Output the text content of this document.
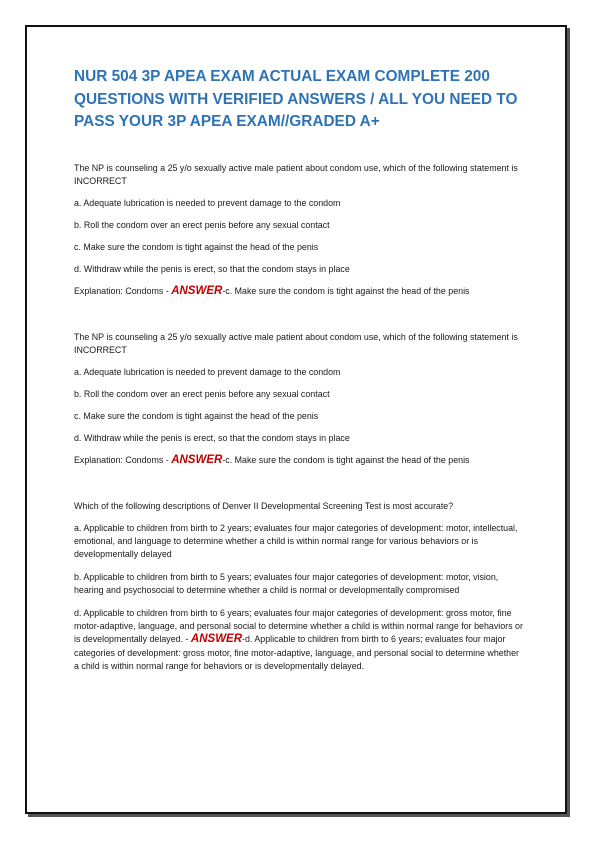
NUR 504 3P APEA EXAM ACTUAL EXAM COMPLETE 200 QUESTIONS WITH VERIFIED ANSWERS / ALL YOU NEED TO PASS YOUR 3P APEA EXAM//GRADED A+

The NP is counseling a 25 y/o sexually active male patient about condom use, which of the following statement is INCORRECT

a. Adequate lubrication is needed to prevent damage to the condom

b. Roll the condom over an erect penis before any sexual contact

c. Make sure the condom is tight against the head of the penis

d. Withdraw while the penis is erect, so that the condom stays in place

Explanation: Condoms - ANSWER-c. Make sure the condom is tight against the head of the penis

The NP is counseling a 25 y/o sexually active male patient about condom use, which of the following statement is INCORRECT

a. Adequate lubrication is needed to prevent damage to the condom

b. Roll the condom over an erect penis before any sexual contact

c. Make sure the condom is tight against the head of the penis

d. Withdraw while the penis is erect, so that the condom stays in place

Explanation: Condoms - ANSWER-c. Make sure the condom is tight against the head of the penis

Which of the following descriptions of Denver II Developmental Screening Test is most accurate?

a. Applicable to children from birth to 2 years; evaluates four major categories of development: motor, intellectual, emotional, and language to determine whether a child is within normal range for various behaviors or is developmentally delayed

b. Applicable to children from birth to 5 years; evaluates four major categories of development: motor, vision, hearing and psychosocial to determine whether a child is normal or developmentally compromised

d. Applicable to children from birth to 6 years; evaluates four major categories of development: gross motor, fine motor-adaptive, language, and personal social to determine whether a child is within normal range for behaviors or is developmentally delayed. - ANSWER-d. Applicable to children from birth to 6 years; evaluates four major categories of development: gross motor, fine motor-adaptive, language, and personal social to determine whether a child is within normal range for behaviors or is developmentally delayed.
